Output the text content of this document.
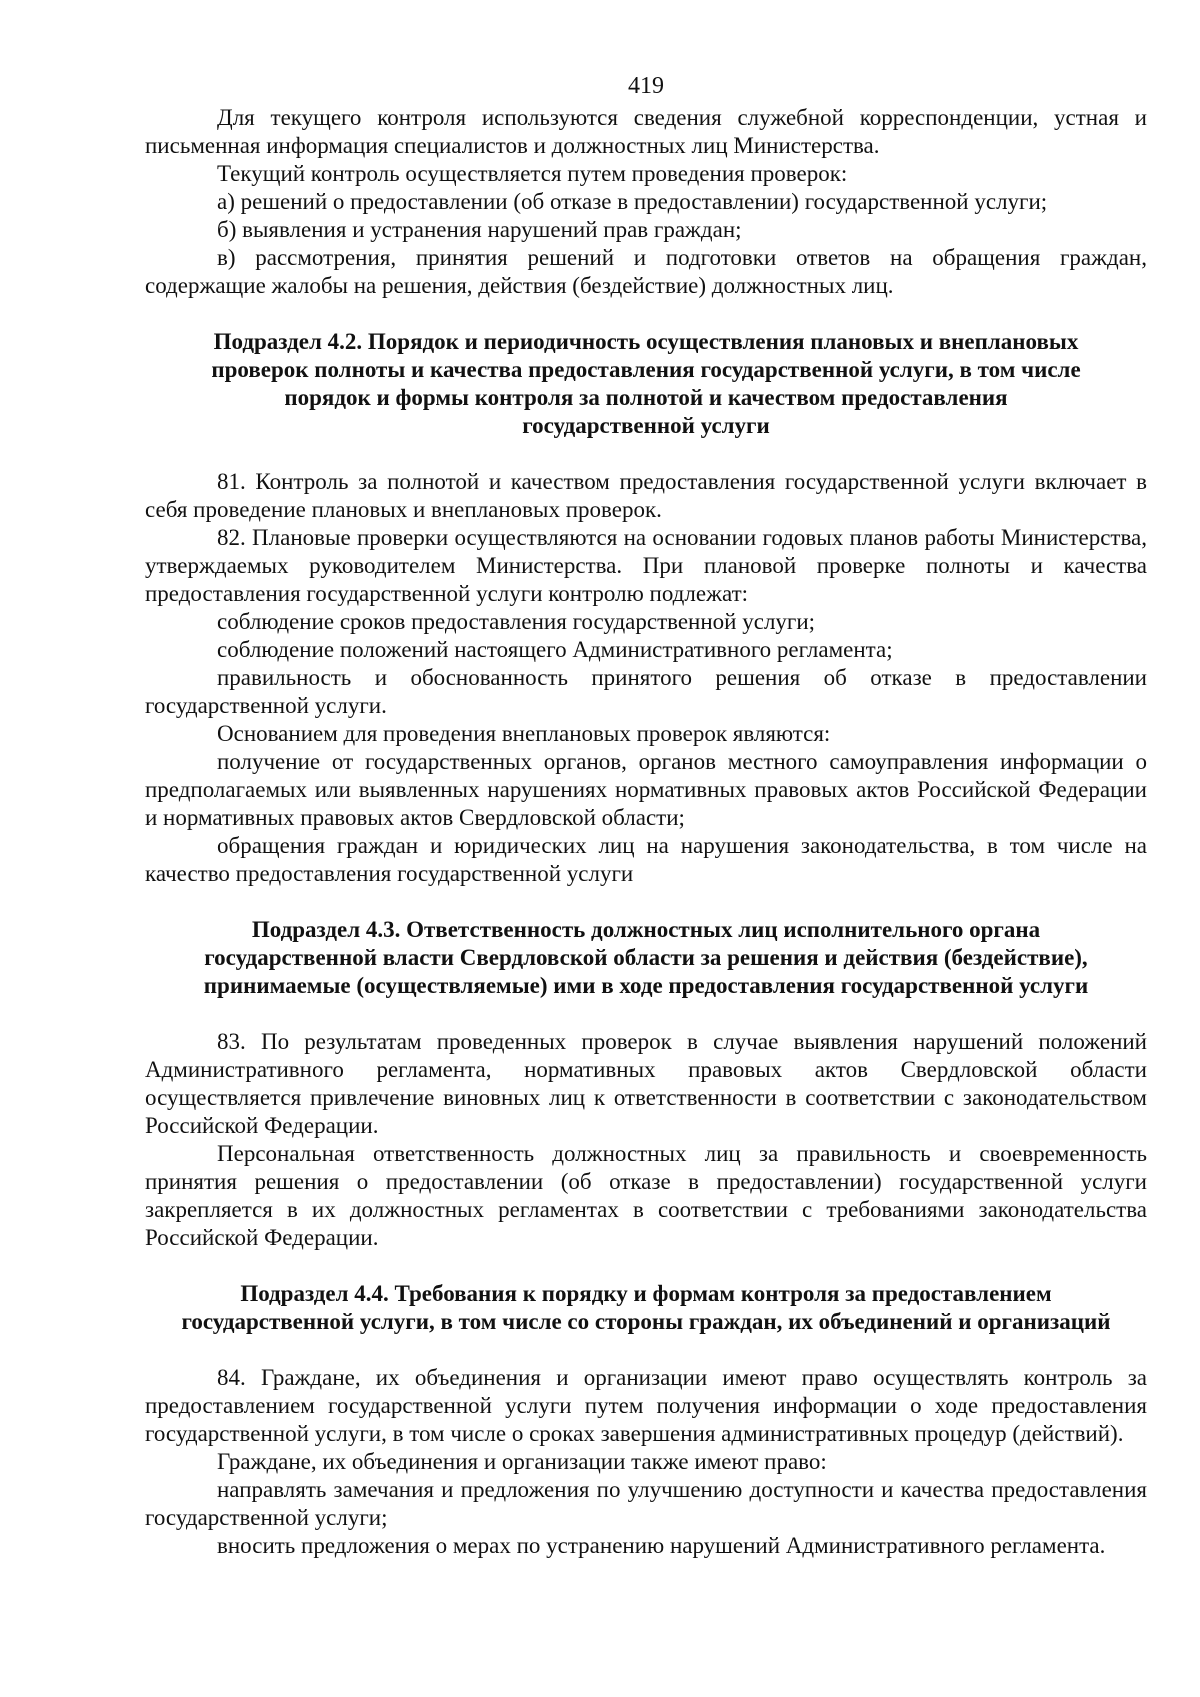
419

Для текущего контроля используются сведения служебной корреспонденции, устная и письменная информация специалистов и должностных лиц Министерства.

Текущий контроль осуществляется путем проведения проверок:

а) решений о предоставлении (об отказе в предоставлении) государственной услуги;

б) выявления и устранения нарушений прав граждан;

в) рассмотрения, принятия решений и подготовки ответов на обращения граждан, содержащие жалобы на решения, действия (бездействие) должностных лиц.

Подраздел 4.2. Порядок и периодичность осуществления плановых и внеплановых
проверок полноты и качества предоставления государственной услуги, в том числе
порядок и формы контроля за полнотой и качеством предоставления
государственной услуги

81. Контроль за полнотой и качеством предоставления государственной услуги включает в себя проведение плановых и внеплановых проверок.

82. Плановые проверки осуществляются на основании годовых планов работы Министерства, утверждаемых руководителем Министерства. При плановой проверке полноты и качества предоставления государственной услуги контролю подлежат:

соблюдение сроков предоставления государственной услуги;

соблюдение положений настоящего Административного регламента;

правильность и обоснованность принятого решения об отказе в предоставлении государственной услуги.

Основанием для проведения внеплановых проверок являются:

получение от государственных органов, органов местного самоуправления информации о предполагаемых или выявленных нарушениях нормативных правовых актов Российской Федерации и нормативных правовых актов Свердловской области;

обращения граждан и юридических лиц на нарушения законодательства, в том числе на качество предоставления государственной услуги

Подраздел 4.3. Ответственность должностных лиц исполнительного органа
государственной власти Свердловской области за решения и действия (бездействие),
принимаемые (осуществляемые) ими в ходе предоставления государственной услуги

83. По результатам проведенных проверок в случае выявления нарушений положений Административного регламента, нормативных правовых актов Свердловской области осуществляется привлечение виновных лиц к ответственности в соответствии с законодательством Российской Федерации.

Персональная ответственность должностных лиц за правильность и своевременность принятия решения о предоставлении (об отказе в предоставлении) государственной услуги закрепляется в их должностных регламентах в соответствии с требованиями законодательства Российской Федерации.

Подраздел 4.4. Требования к порядку и формам контроля за предоставлением
государственной услуги, в том числе со стороны граждан, их объединений и организаций

84. Граждане, их объединения и организации имеют право осуществлять контроль за предоставлением государственной услуги путем получения информации о ходе предоставления государственной услуги, в том числе о сроках завершения административных процедур (действий).

Граждане, их объединения и организации также имеют право:

направлять замечания и предложения по улучшению доступности и качества предоставления государственной услуги;

вносить предложения о мерах по устранению нарушений Административного регламента.
